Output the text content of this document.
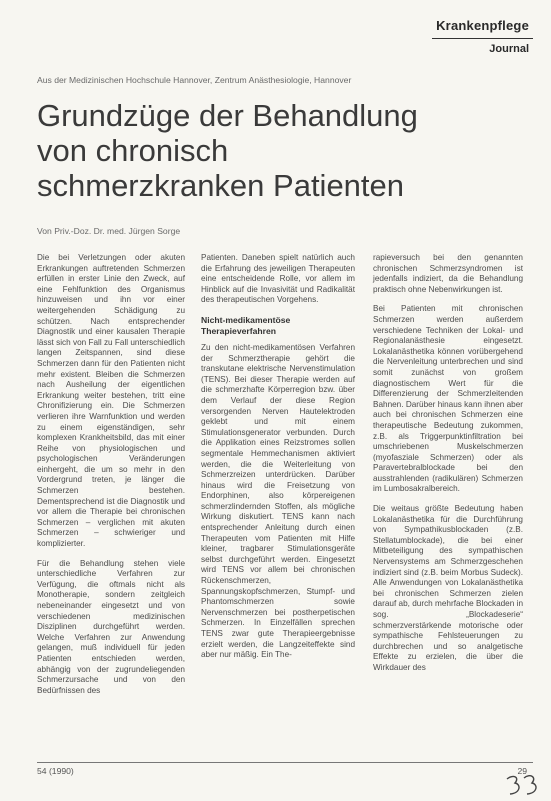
Krankenpflege
Journal
Aus der Medizinischen Hochschule Hannover, Zentrum Anästhesiologie, Hannover
Grundzüge der Behandlung
von chronisch
schmerzkranken Patienten
Von Priv.-Doz. Dr. med. Jürgen Sorge

Die bei Verletzungen oder akuten Erkrankungen auftretenden Schmerzen erfüllen in erster Linie den Zweck, auf eine Fehlfunktion des Organismus hinzuweisen und ihn vor einer weitergehenden Schädigung zu schützen. Nach entsprechender Diagnostik und einer kausalen Therapie lässt sich von Fall zu Fall unterschiedlich langen Zeitspannen, sind diese Schmerzen dann für den Patienten nicht mehr existent. Bleiben die Schmerzen nach Ausheilung der eigentlichen Erkrankung weiter bestehen, tritt eine Chronifizierung ein. Die Schmerzen verlieren ihre Warnfunktion und werden zu einem eigenständigen, sehr komplexen Krankheitsbild, das mit einer Reihe von physiologischen und psychologischen Veränderungen einhergeht, die um so mehr in den Vordergrund treten, je länger die Schmerzen bestehen. Dementsprechend ist die Diagnostik und vor allem die Therapie bei chronischen Schmerzen – verglichen mit akuten Schmerzen – schwieriger und komplizierter.

Für die Behandlung stehen viele unterschiedliche Verfahren zur Verfügung, die oftmals nicht als Monotherapie, sondern zeitgleich nebeneinander eingesetzt und von verschiedenen medizinischen Disziplinen durchgeführt werden. Welche Verfahren zur Anwendung gelangen, muß individuell für jeden Patienten entschieden werden, abhängig von der zugrundeliegenden Schmerzursache und von den Bedürfnissen des

Patienten. Daneben spielt natürlich auch die Erfahrung des jeweiligen Therapeuten eine entscheidende Rolle, vor allem im Hinblick auf die Invasivität und Radikalität des therapeutischen Vorgehens.

Nicht-medikamentöse Therapieverfahren

Zu den nicht-medikamentösen Verfahren der Schmerztherapie gehört die transkutane elektrische Nervenstimulation (TENS). Bei dieser Therapie werden auf die schmerzhafte Körperregion bzw. über dem Verlauf der diese Region versorgenden Nerven Hautelektroden geklebt und mit einem Stimulationsgenerator verbunden. Durch die Applikation eines Reizstromes sollen segmentale Hemmechanismen aktiviert werden, die die Weiterleitung von Schmerzreizen unterdrücken. Darüber hinaus wird die Freisetzung von Endorphinen, also körpereigenen schmerzlindernden Stoffen, als mögliche Wirkung diskutiert. TENS kann nach entsprechender Anleitung durch einen Therapeuten vom Patienten mit Hilfe kleiner, tragbarer Stimulationsgeräte selbst durchgeführt werden. Eingesetzt wird TENS vor allem bei chronischen Rückenschmerzen, Spannungskopfschmerzen, Stumpf- und Phantomschmerzen sowie Nervenschmerzen bei postherpetischen Schmerzen. In Einzelfällen sprechen TENS zwar gute Therapieergebnisse erzielt werden, die Langzeiteffekte sind aber nur mäßig. Ein The-

rapieversuch bei den genannten chronischen Schmerzsyndromen ist jedenfalls indiziert, da die Behandlung praktisch ohne Nebenwirkungen ist.

Bei Patienten mit chronischen Schmerzen werden außerdem verschiedene Techniken der Lokal- und Regionalanästhesie eingesetzt. Lokalanästhetika können vorübergehend die Nervenleitung unterbrechen und sind somit zunächst von großem diagnostischem Wert für die Differenzierung der Schmerzleitenden Bahnen. Darüber hinaus kann ihnen aber auch bei chronischen Schmerzen eine therapeutische Bedeutung zukommen, z.B. als Triggerpunktinfiltration bei umschriebenen Muskelschmerzen (myofasziale Schmerzen) oder als Paravertebralblockade bei den ausstrahlenden (radikulären) Schmerzen im Lumbosakralbereich.

Die weitaus größte Bedeutung haben Lokalanästhetika für die Durchführung von Sympathikusblockaden (z.B. Stellatumblockade), die bei einer Mitbeteiligung des sympathischen Nervensystems am Schmerzgeschehen indiziert sind (z.B. beim Morbus Sudeck). Alle Anwendungen von Lokalanästhetika bei chronischen Schmerzen zielen darauf ab, durch mehrfache Blockaden in sog. „Blockadeserie“ schmerzverstärkende motorische oder sympathische Fehlsteuerungen zu durchbrechen und so analgetische Effekte zu erzielen, die über die Wirkdauer des

54 (1990)	29
